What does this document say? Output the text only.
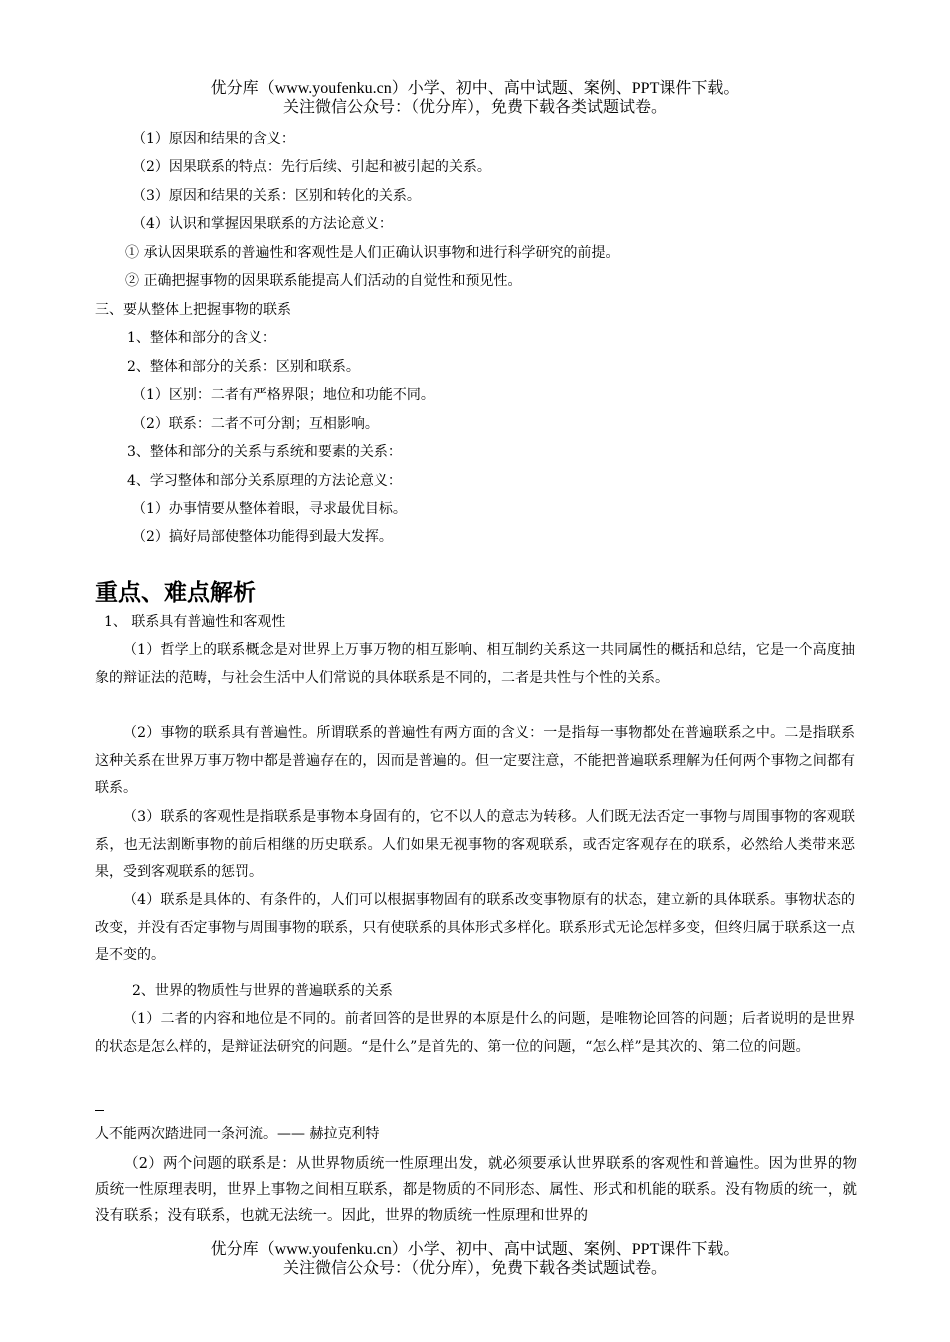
优分库（www.youfenku.cn）小学、初中、高中试题、案例、PPT课件下载。
关注微信公众号：（优分库），免费下载各类试题试卷。
（1）原因和结果的含义：
（2）因果联系的特点：先行后续、引起和被引起的关系。
（3）原因和结果的关系：区别和转化的关系。
（4）认识和掌握因果联系的方法论意义：
① 承认因果联系的普遍性和客观性是人们正确认识事物和进行科学研究的前提。
② 正确把握事物的因果联系能提高人们活动的自觉性和预见性。
三、要从整体上把握事物的联系
1、整体和部分的含义：
2、整体和部分的关系：区别和联系。
（1）区别：二者有严格界限；地位和功能不同。
（2）联系：二者不可分割；互相影响。
3、整体和部分的关系与系统和要素的关系：
4、学习整体和部分关系原理的方法论意义：
（1）办事情要从整体着眼，寻求最优目标。
（2）搞好局部使整体功能得到最大发挥。
重点、难点解析
1、 联系具有普遍性和客观性
（1）哲学上的联系概念是对世界上万事万物的相互影响、相互制约关系这一共同属性的概括和总结，它是一个高度抽象的辩证法的范畴，与社会生活中人们常说的具体联系是不同的，二者是共性与个性的关系。
（2）事物的联系具有普遍性。所谓联系的普遍性有两方面的含义：一是指每一事物都处在普遍联系之中。二是指联系这种关系在世界万事万物中都是普遍存在的，因而是普遍的。但一定要注意，不能把普遍联系理解为任何两个事物之间都有联系。
（3）联系的客观性是指联系是事物本身固有的，它不以人的意志为转移。人们既无法否定一事物与周围事物的客观联系，也无法割断事物的前后相继的历史联系。人们如果无视事物的客观联系，或否定客观存在的联系，必然给人类带来恶果，受到客观联系的惩罚。
（4）联系是具体的、有条件的，人们可以根据事物固有的联系改变事物原有的状态，建立新的具体联系。事物状态的改变，并没有否定事物与周围事物的联系，只有使联系的具体形式多样化。联系形式无论怎样多变，但终归属于联系这一点是不变的。
2、世界的物质性与世界的普遍联系的关系
（1）二者的内容和地位是不同的。前者回答的是世界的本原是什么的问题，是唯物论回答的问题；后者说明的是世界的状态是怎么样的，是辩证法研究的问题。“是什么”是首先的、第一位的问题，“怎么样”是其次的、第二位的问题。
人不能两次踏进同一条河流。—— 赫拉克利特
（2）两个问题的联系是：从世界物质统一性原理出发，就必须要承认世界联系的客观性和普遍性。因为世界的物质统一性原理表明，世界上事物之间相互联系，都是物质的不同形态、属性、形式和机能的联系。没有物质的统一，就没有联系；没有联系，也就无法统一。因此，世界的物质统一性原理和世界的
优分库（www.youfenku.cn）小学、初中、高中试题、案例、PPT课件下载。
关注微信公众号：（优分库），免费下载各类试题试卷。
